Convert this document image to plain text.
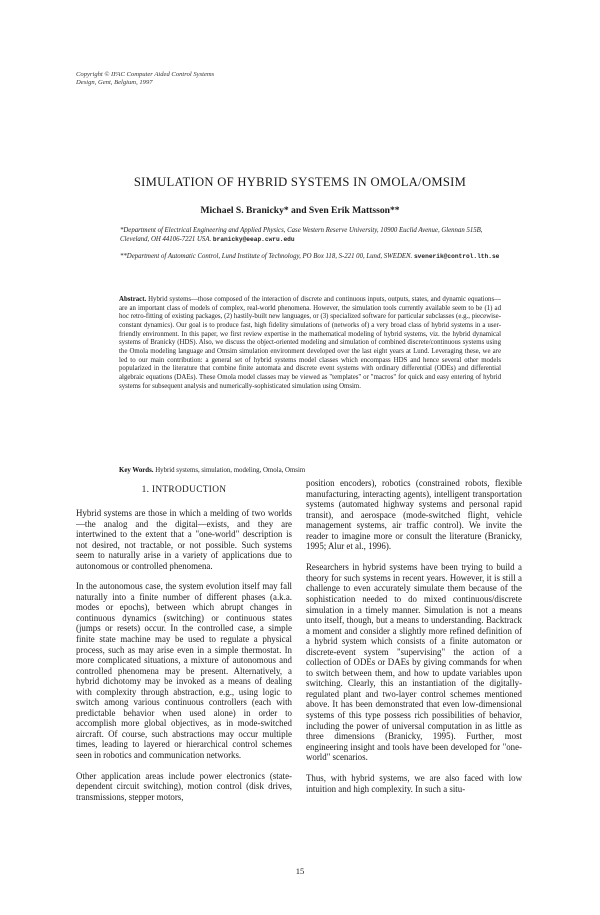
Copyright © IFAC Computer Aided Control Systems
Design, Gent, Belgium, 1997
SIMULATION OF HYBRID SYSTEMS IN OMOLA/OMSIM
Michael S. Branicky* and Sven Erik Mattsson**
*Department of Electrical Engineering and Applied Physics, Case Western Reserve University, 10900 Euclid Avenue, Glennan 515B, Cleveland, OH 44106-7221 USA. branicky@eeap.cwru.edu
**Department of Automatic Control, Lund Institute of Technology, PO Box 118, S-221 00, Lund, SWEDEN. svenerik@control.lth.se
Abstract. Hybrid systems—those composed of the interaction of discrete and continuous inputs, outputs, states, and dynamic equations—are an important class of models of complex, real-world phenomena. However, the simulation tools currently available seem to be (1) ad hoc retro-fitting of existing packages, (2) hastily-built new languages, or (3) specialized software for particular subclasses (e.g., piecewise-constant dynamics). Our goal is to produce fast, high fidelity simulations of (networks of) a very broad class of hybrid systems in a user-friendly environment. In this paper, we first review expertise in the mathematical modeling of hybrid systems, viz. the hybrid dynamical systems of Branicky (HDS). Also, we discuss the object-oriented modeling and simulation of combined discrete/continuous systems using the Omola modeling language and Omsim simulation environment developed over the last eight years at Lund. Leveraging these, we are led to our main contribution: a general set of hybrid systems model classes which encompass HDS and hence several other models popularized in the literature that combine finite automata and discrete event systems with ordinary differential (ODEs) and differential algebraic equations (DAEs). These Omola model classes may be viewed as "templates" or "macros" for quick and easy entering of hybrid systems for subsequent analysis and numerically-sophisticated simulation using Omsim.
Key Words. Hybrid systems, simulation, modeling, Omola, Omsim
1. INTRODUCTION

Hybrid systems are those in which a melding of two worlds—the analog and the digital—exists, and they are intertwined to the extent that a "one-world" description is not desired, not tractable, or not possible. Such systems seem to naturally arise in a variety of applications due to autonomous or controlled phenomena.

In the autonomous case, the system evolution itself may fall naturally into a finite number of different phases (a.k.a. modes or epochs), between which abrupt changes in continuous dynamics (switching) or continuous states (jumps or resets) occur. In the controlled case, a simple finite state machine may be used to regulate a physical process, such as may arise even in a simple thermostat. In more complicated situations, a mixture of autonomous and controlled phenomena may be present. Alternatively, a hybrid dichotomy may be invoked as a means of dealing with complexity through abstraction, e.g., using logic to switch among various continuous controllers (each with predictable behavior when used alone) in order to accomplish more global objectives, as in mode-switched aircraft. Of course, such abstractions may occur multiple times, leading to layered or hierarchical control schemes seen in robotics and communication networks.

Other application areas include power electronics (state-dependent circuit switching), motion control (disk drives, transmissions, stepper motors,

position encoders), robotics (constrained robots, flexible manufacturing, interacting agents), intelligent transportation systems (automated highway systems and personal rapid transit), and aerospace (mode-switched flight, vehicle management systems, air traffic control). We invite the reader to imagine more or consult the literature (Branicky, 1995; Alur et al., 1996).

Researchers in hybrid systems have been trying to build a theory for such systems in recent years. However, it is still a challenge to even accurately simulate them because of the sophistication needed to do mixed continuous/discrete simulation in a timely manner. Simulation is not a means unto itself, though, but a means to understanding. Backtrack a moment and consider a slightly more refined definition of a hybrid system which consists of a finite automaton or discrete-event system "supervising" the action of a collection of ODEs or DAEs by giving commands for when to switch between them, and how to update variables upon switching. Clearly, this an instantiation of the digitally-regulated plant and two-layer control schemes mentioned above. It has been demonstrated that even low-dimensional systems of this type possess rich possibilities of behavior, including the power of universal computation in as little as three dimensions (Branicky, 1995). Further, most engineering insight and tools have been developed for "one-world" scenarios.

Thus, with hybrid systems, we are also faced with low intuition and high complexity. In such a situ-

15
